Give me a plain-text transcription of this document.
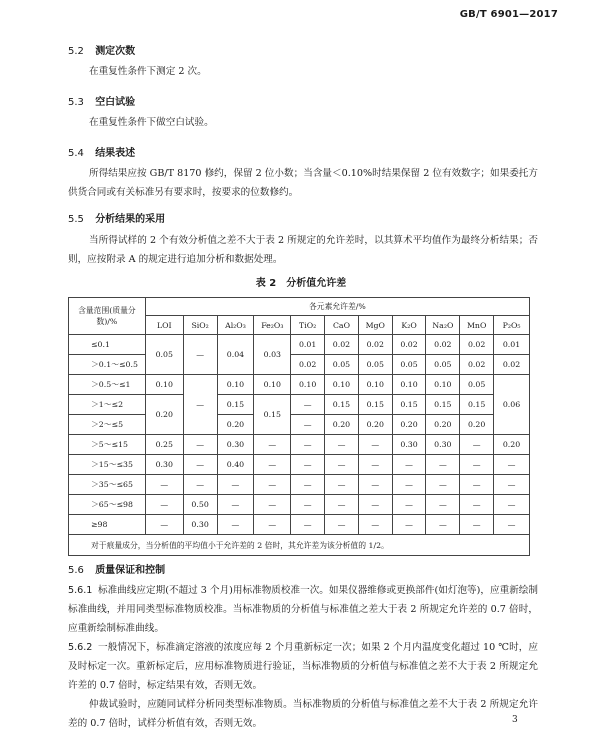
GB/T 6901—2017
5.2 测定次数
在重复性条件下测定 2 次。
5.3 空白试验
在重复性条件下做空白试验。
5.4 结果表述
所得结果应按 GB/T 8170 修约，保留 2 位小数；当含量＜0.10%时结果保留 2 位有效数字；如果委托方供货合同或有关标准另有要求时，按要求的位数修约。
5.5 分析结果的采用
当所得试样的 2 个有效分析值之差不大于表 2 所规定的允许差时，以其算术平均值作为最终分析结果；否则，应按附录 A 的规定进行追加分析和数据处理。
表 2　分析值允许差
含量范围(质量分数)/%	各元素允许差/%										
	LOI	SiO₂	Al₂O₃	Fe₂O₃	TiO₂	CaO	MgO	K₂O	Na₂O	MnO	P₂O₅
≤0.1	0.05	—	0.04	0.03	0.01	0.02	0.02	0.02	0.02	0.02	0.01
＞0.1～≤0.5					0.02	0.05	0.05	0.05	0.05	0.02	0.02
＞0.5～≤1	0.10	—	0.10	0.10	0.10	0.10	0.10	0.10	0.10	0.05	0.06
＞1～≤2	0.20		0.15	0.15	—	0.15	0.15	0.15	0.15	0.15	
＞2～≤5			0.20		—	0.20	0.20	0.20	0.20	0.20	
＞5～≤15	0.25	—	0.30	—	—	—	—	0.30	0.30	—	0.20
＞15～≤35	0.30	—	0.40	—	—	—	—	—	—	—	—
＞35～≤65	—	—	—	—	—	—	—	—	—	—	—
＞65～≤98	—	0.50	—	—	—	—	—	—	—	—	—
≥98	—	0.30	—	—	—	—	—	—	—	—	—
对于痕量成分，当分析值的平均值小于允许差的 2 倍时，其允许差为该分析值的 1/2。											
5.6 质量保证和控制
5.6.1 标准曲线应定期(不超过 3 个月)用标准物质校准一次。如果仪器维修或更换部件(如灯泡等)，应重新绘制标准曲线，并用同类型标准物质校准。当标准物质的分析值与标准值之差大于表 2 所规定允许差的 0.7 倍时，应重新绘制标准曲线。
5.6.2 一般情况下，标准滴定溶液的浓度应每 2 个月重新标定一次；如果 2 个月内温度变化超过 10 ℃时，应及时标定一次。重新标定后，应用标准物质进行验证，当标准物质的分析值与标准值之差不大于表 2 所规定允许差的 0.7 倍时，标定结果有效，否则无效。
仲裁试验时，应随同试样分析同类型标准物质。当标准物质的分析值与标准值之差不大于表 2 所规定允许差的 0.7 倍时，试样分析值有效，否则无效。	3
